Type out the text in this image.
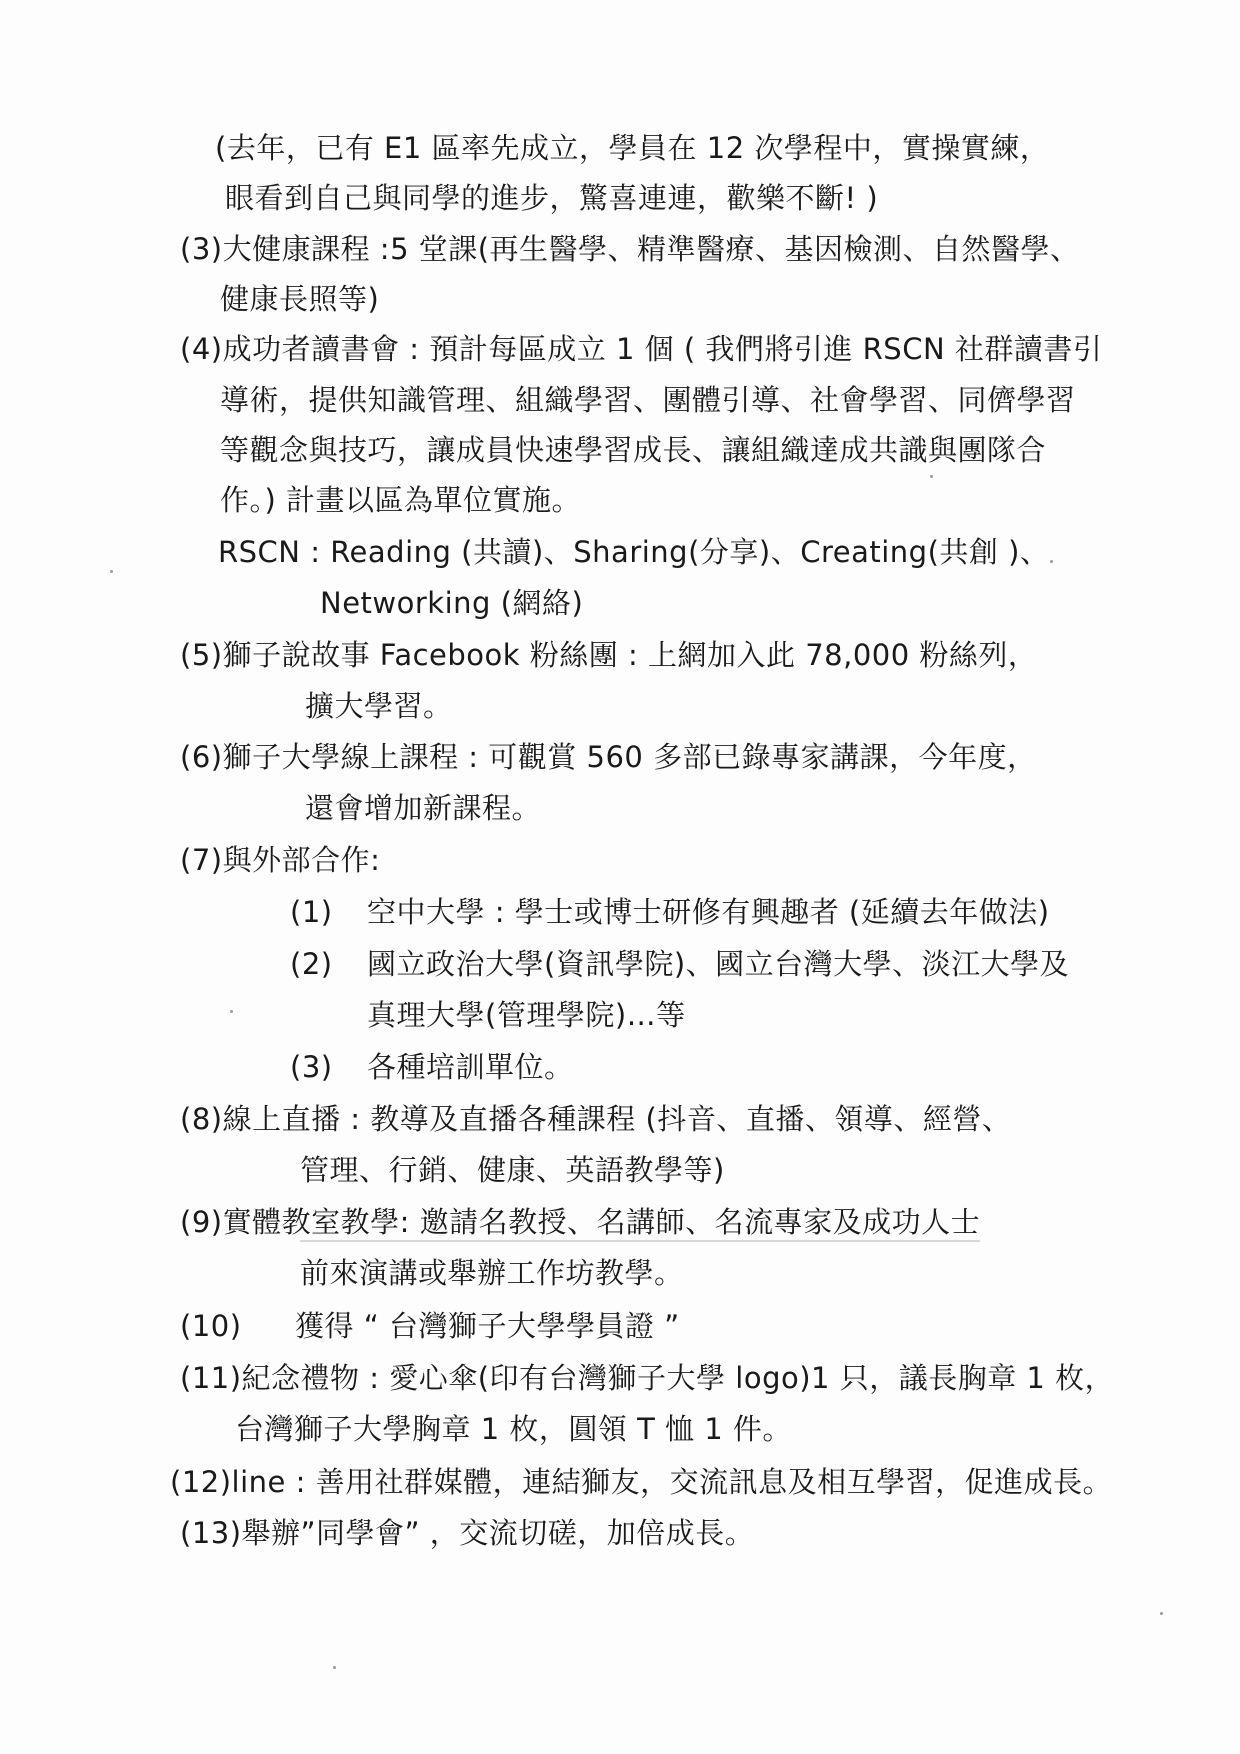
(去年，已有 E1 區率先成立，學員在 12 次學程中，實操實練，
眼看到自己與同學的進步，驚喜連連，歡樂不斷! )
(3)大健康課程 :5 堂課(再生醫學、精準醫療、基因檢測、自然醫學、
健康長照等)
(4)成功者讀書會 : 預計每區成立 1 個 ( 我們將引進 RSCN 社群讀書引
導術，提供知識管理、組織學習、團體引導、社會學習、同儕學習
等觀念與技巧，讓成員快速學習成長、讓組織達成共識與團隊合
作。) 計畫以區為單位實施。
RSCN : Reading (共讀)、Sharing(分享)、Creating(共創 )、
Networking (網絡)
(5)獅子說故事 Facebook 粉絲團 : 上網加入此 78,000 粉絲列，
擴大學習。
(6)獅子大學線上課程 : 可觀賞 560 多部已錄專家講課，今年度，
還會增加新課程。
(7)與外部合作:
(1) 空中大學 : 學士或博士研修有興趣者 (延續去年做法)
(2) 國立政治大學(資訊學院)、國立台灣大學、淡江大學及
真理大學(管理學院)…等
(3) 各種培訓單位。
(8)線上直播 : 教導及直播各種課程 (抖音、直播、領導、經營、
管理、行銷、健康、英語教學等)
(9)實體教室教學: 邀請名教授、名講師、名流專家及成功人士
前來演講或舉辦工作坊教學。
(10) 獲得 “ 台灣獅子大學學員證 ”
(11)紀念禮物 : 愛心傘(印有台灣獅子大學 logo)1 只，議長胸章 1 枚，
台灣獅子大學胸章 1 枚，圓領 T 恤 1 件。
(12)line : 善用社群媒體，連結獅友，交流訊息及相互學習，促進成長。
(13)舉辦”同學會” ，交流切磋，加倍成長。
